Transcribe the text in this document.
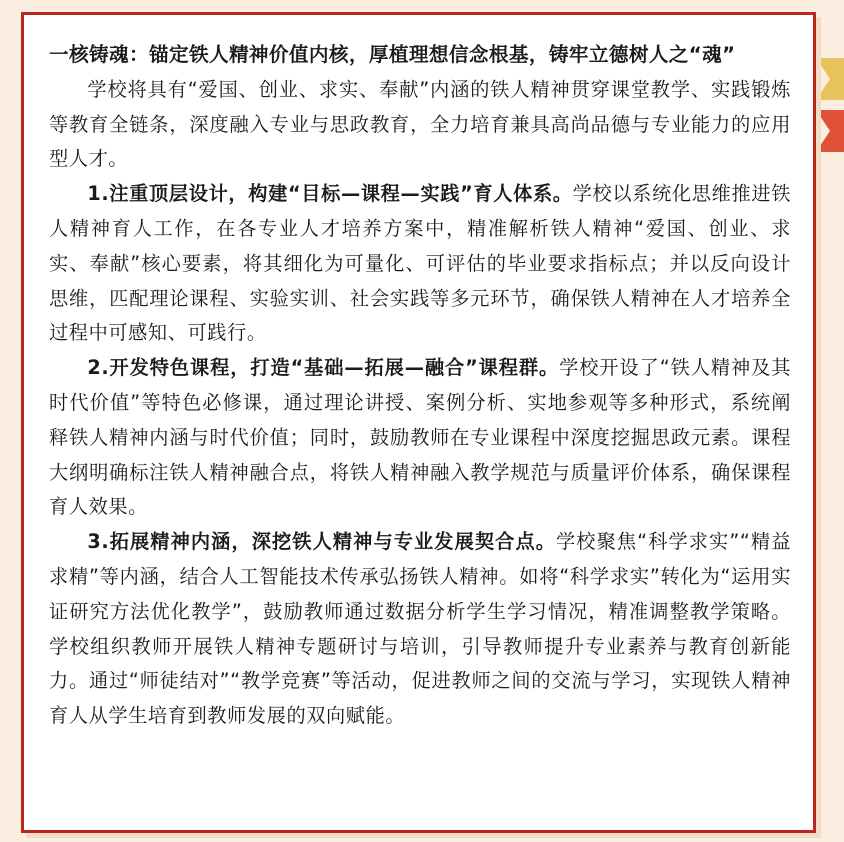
一核铸魂：锚定铁人精神价值内核，厚植理想信念根基，铸牢立德树人之“魂”

学校将具有“爱国、创业、求实、奉献”内涵的铁人精神贯穿课堂教学、实践锻炼等教育全链条，深度融入专业与思政教育，全力培育兼具高尚品德与专业能力的应用型人才。

1.注重顶层设计，构建“目标—课程—实践”育人体系。学校以系统化思维推进铁人精神育人工作，在各专业人才培养方案中，精准解析铁人精神“爱国、创业、求实、奉献”核心要素，将其细化为可量化、可评估的毕业要求指标点；并以反向设计思维，匹配理论课程、实验实训、社会实践等多元环节，确保铁人精神在人才培养全过程中可感知、可践行。

2.开发特色课程，打造“基础—拓展—融合”课程群。学校开设了“铁人精神及其时代价值”等特色必修课，通过理论讲授、案例分析、实地参观等多种形式，系统阐释铁人精神内涵与时代价值；同时，鼓励教师在专业课程中深度挖掘思政元素。课程大纲明确标注铁人精神融合点，将铁人精神融入教学规范与质量评价体系，确保课程育人效果。

3.拓展精神内涵，深挖铁人精神与专业发展契合点。学校聚焦“科学求实”“精益求精”等内涵，结合人工智能技术传承弘扬铁人精神。如将“科学求实”转化为“运用实证研究方法优化教学”，鼓励教师通过数据分析学生学习情况，精准调整教学策略。学校组织教师开展铁人精神专题研讨与培训，引导教师提升专业素养与教育创新能力。通过“师徒结对”“教学竞赛”等活动，促进教师之间的交流与学习，实现铁人精神育人从学生培育到教师发展的双向赋能。
